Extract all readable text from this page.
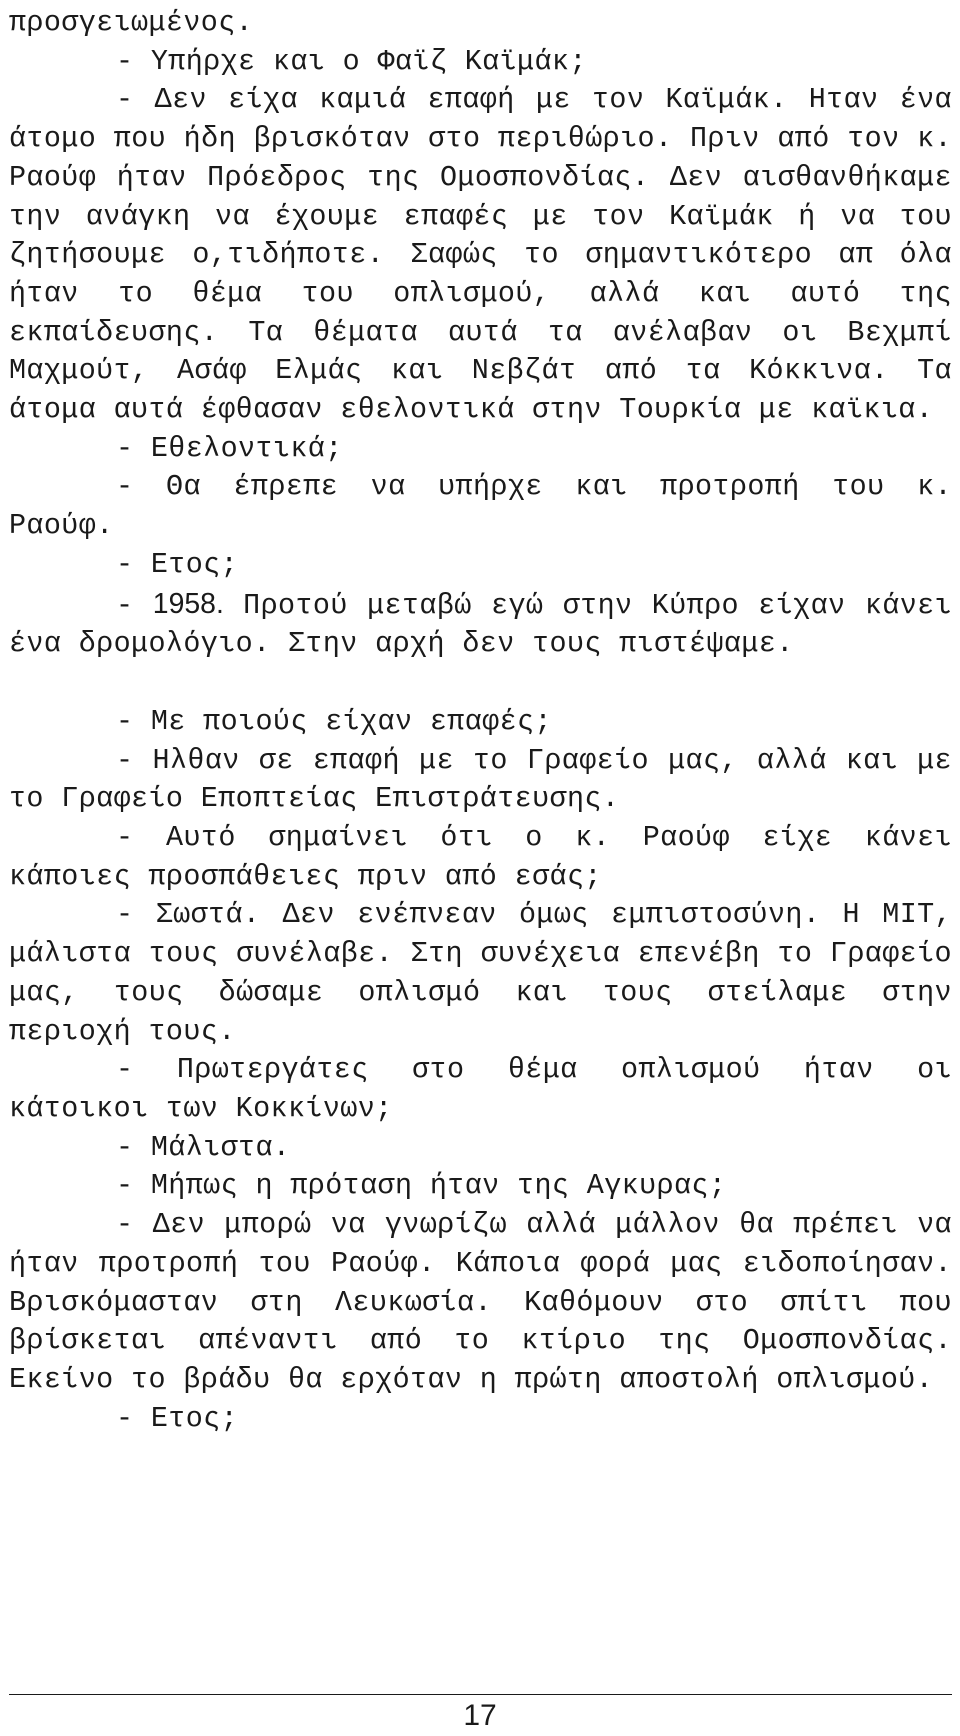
προσγειωμένος.

- Υπήρχε και ο Φαϊζ Καϊμάκ;

- Δεν είχα καμιά επαφή με τον Καϊμάκ. Ηταν ένα άτομο που ήδη βρισκόταν στο περιθώριο. Πριν από τον κ. Ραούφ ήταν Πρόεδρος της Ομοσπονδίας. Δεν αισθανθήκαμε την ανάγκη να έχουμε επαφές με τον Καϊμάκ ή να του ζητήσουμε ο,τιδήποτε. Σαφώς το σημαντικότερο απ όλα ήταν το θέμα του οπλισμού, αλλά και αυτό της εκπαίδευσης. Τα θέματα αυτά τα ανέλαβαν οι Βεχμπί Μαχμούτ, Ασάφ Ελμάς και Νεβζάτ από τα Κόκκινα. Τα άτομα αυτά έφθασαν εθελοντικά στην Τουρκία με καϊκια.

- Εθελοντικά;

- Θα έπρεπε να υπήρχε και προτροπή του κ. Ραούφ.

- Ετος;

- 1958. Προτού μεταβώ εγώ στην Κύπρο είχαν κάνει ένα δρομολόγιο. Στην αρχή δεν τους πιστέψαμε.

- Με ποιούς είχαν επαφές;

- Ηλθαν σε επαφή με το Γραφείο μας, αλλά και με το Γραφείο Εποπτείας Επιστράτευσης.

- Αυτό σημαίνει ότι ο κ. Ραούφ είχε κάνει κάποιες προσπάθειες πριν από εσάς;

- Σωστά. Δεν ενέπνεαν όμως εμπιστοσύνη. Η ΜΙΤ, μάλιστα τους συνέλαβε. Στη συνέχεια επενέβη το Γραφείο μας, τους δώσαμε οπλισμό και τους στείλαμε στην περιοχή τους.

- Πρωτεργάτες στο θέμα οπλισμού ήταν οι κάτοικοι των Κοκκίνων;

- Μάλιστα.

- Μήπως η πρόταση ήταν της Αγκυρας;

- Δεν μπορώ να γνωρίζω αλλά μάλλον θα πρέπει να ήταν προτροπή του Ραούφ. Κάποια φορά μας ειδοποίησαν. Βρισκόμασταν στη Λευκωσία. Καθόμουν στο σπίτι που βρίσκεται απέναντι από το κτίριο της Ομοσπονδίας. Εκείνο το βράδυ θα ερχόταν η πρώτη αποστολή οπλισμού.

- Ετος;

17
